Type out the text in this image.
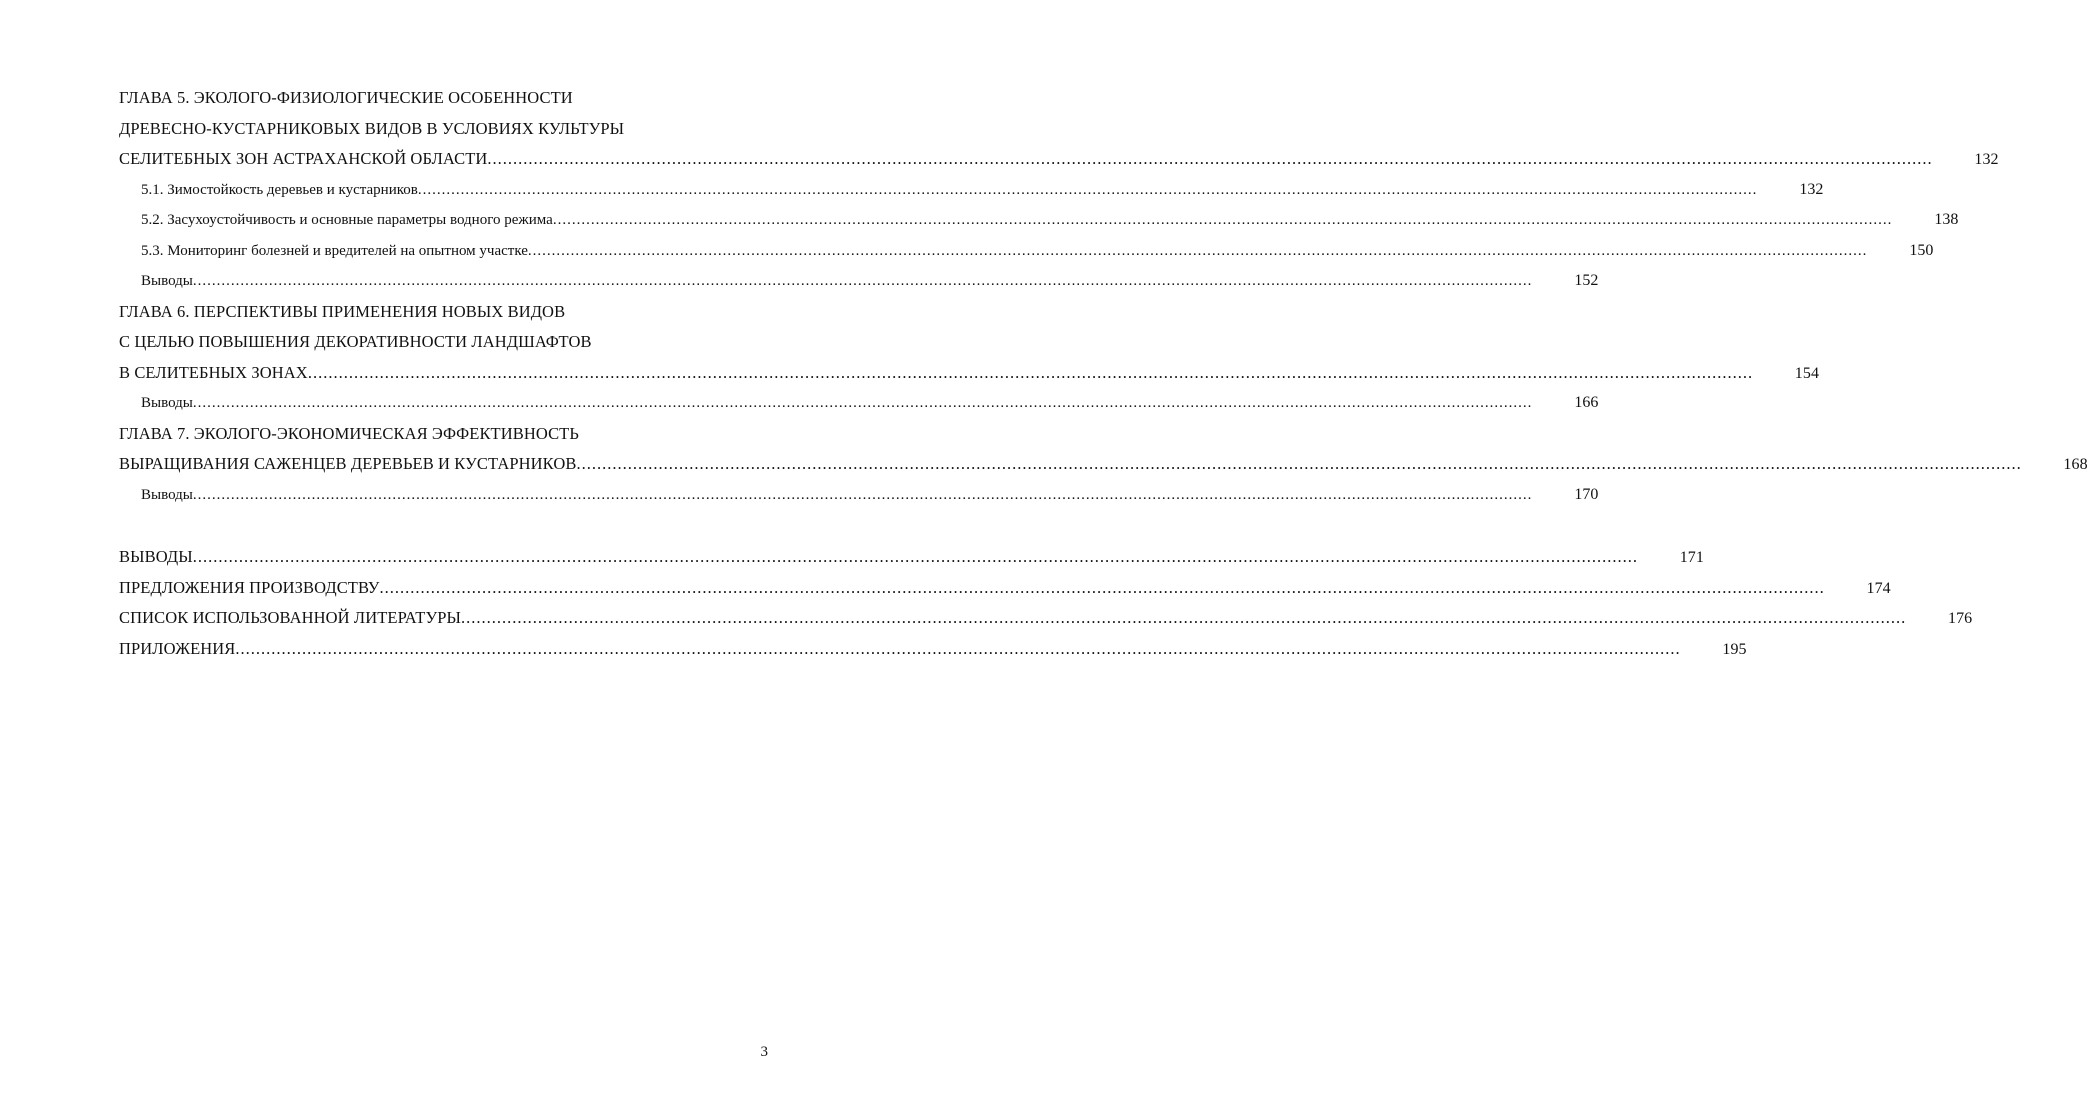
ГЛАВА 5. ЭКОЛОГО-ФИЗИОЛОГИЧЕСКИЕ ОСОБЕННОСТИ
ДРЕВЕСНО-КУСТАРНИКОВЫХ ВИДОВ В УСЛОВИЯХ КУЛЬТУРЫ
СЕЛИТЕБНЫХ ЗОН АСТРАХАНСКОЙ ОБЛАСТИ .....	132
5.1. Зимостойкость деревьев и кустарников .....	132
5.2. Засухоустойчивость и основные параметры водного режима .....	138
5.3. Мониторинг болезней и вредителей на опытном участке .....	150
Выводы .....	152
ГЛАВА 6. ПЕРСПЕКТИВЫ ПРИМЕНЕНИЯ НОВЫХ ВИДОВ
С ЦЕЛЬЮ ПОВЫШЕНИЯ ДЕКОРАТИВНОСТИ ЛАНДШАФТОВ
В СЕЛИТЕБНЫХ ЗОНАХ .....	154
Выводы .....	166
ГЛАВА 7. ЭКОЛОГО-ЭКОНОМИЧЕСКАЯ ЭФФЕКТИВНОСТЬ
ВЫРАЩИВАНИЯ САЖЕНЦЕВ ДЕРЕВЬЕВ И КУСТАРНИКОВ .....	168
Выводы .....	170
ВЫВОДЫ .....	171
ПРЕДЛОЖЕНИЯ ПРОИЗВОДСТВУ .....	174
СПИСОК ИСПОЛЬЗОВАННОЙ ЛИТЕРАТУРЫ .....	176
ПРИЛОЖЕНИЯ .....	195
3
